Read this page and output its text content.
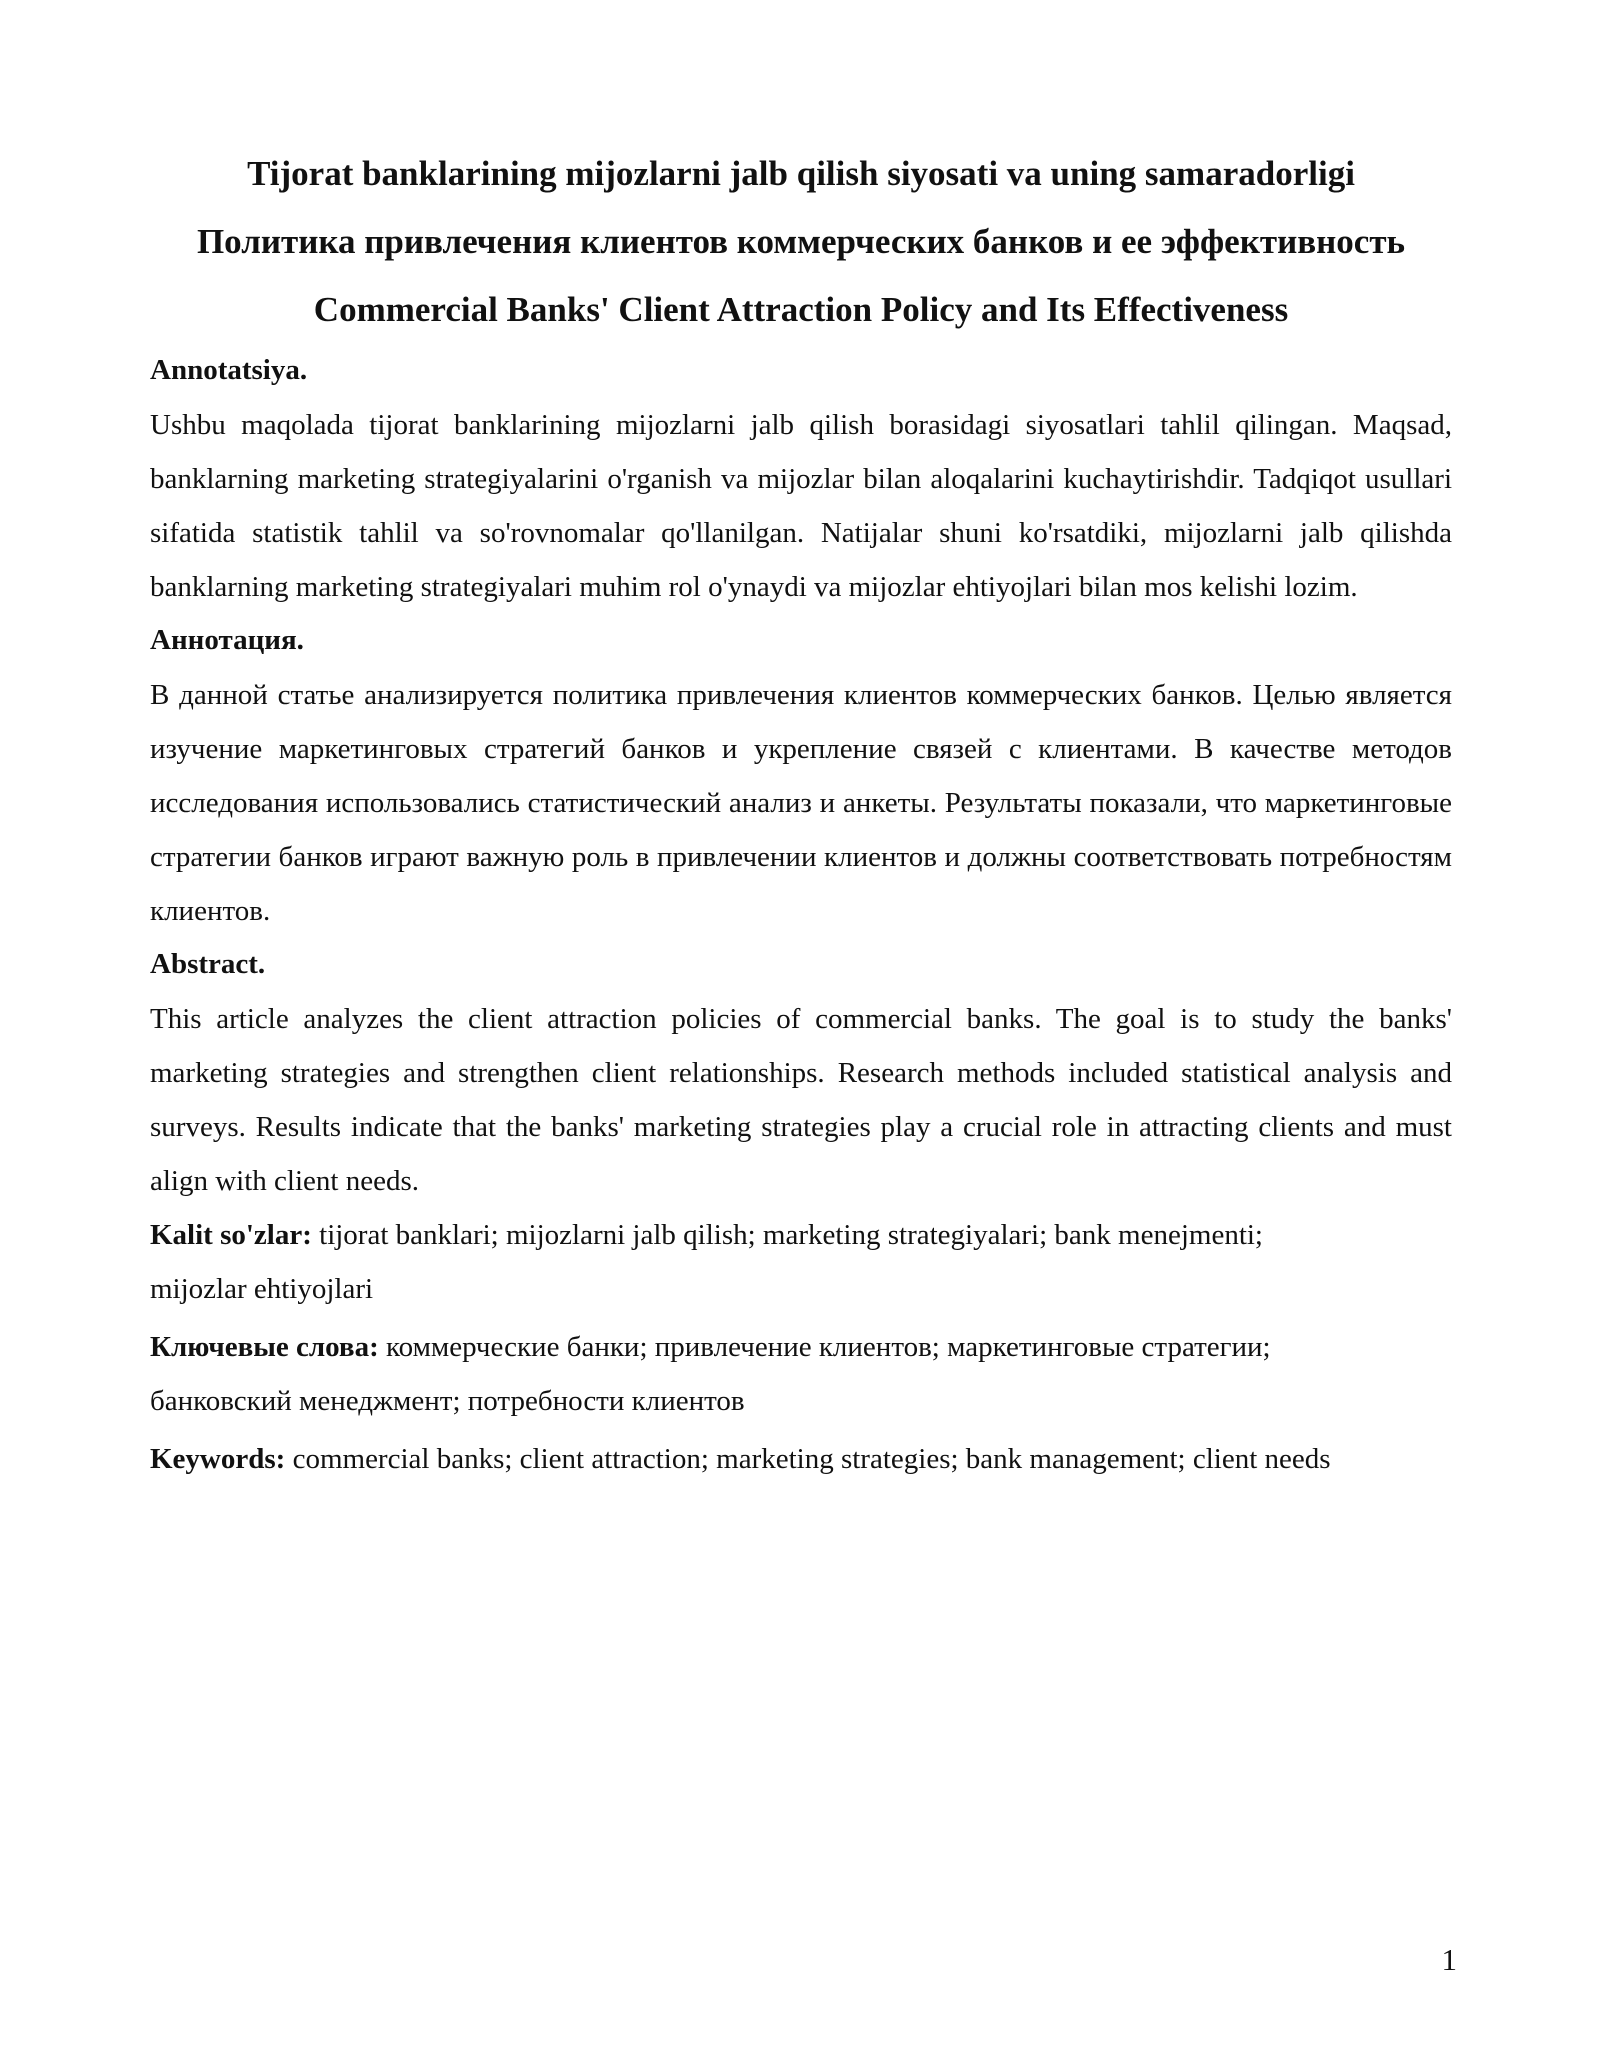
Tijorat banklarining mijozlarni jalb qilish siyosati va uning samaradorligi

Политика привлечения клиентов коммерческих банков и ее эффективность

Commercial Banks' Client Attraction Policy and Its Effectiveness

Annotatsiya.

Ushbu maqolada tijorat banklarining mijozlarni jalb qilish borasidagi siyosatlari tahlil qilingan. Maqsad, banklarning marketing strategiyalarini o'rganish va mijozlar bilan aloqalarini kuchaytirishdir. Tadqiqot usullari sifatida statistik tahlil va so'rovnomalar qo'llanilgan. Natijalar shuni ko'rsatdiki, mijozlarni jalb qilishda banklarning marketing strategiyalari muhim rol o'ynaydi va mijozlar ehtiyojlari bilan mos kelishi lozim.

Аннотация.

В данной статье анализируется политика привлечения клиентов коммерческих банков. Целью является изучение маркетинговых стратегий банков и укрепление связей с клиентами. В качестве методов исследования использовались статистический анализ и анкеты. Результаты показали, что маркетинговые стратегии банков играют важную роль в привлечении клиентов и должны соответствовать потребностям клиентов.

Abstract.

This article analyzes the client attraction policies of commercial banks. The goal is to study the banks' marketing strategies and strengthen client relationships. Research methods included statistical analysis and surveys. Results indicate that the banks' marketing strategies play a crucial role in attracting clients and must align with client needs.

Kalit so'zlar: tijorat banklari; mijozlarni jalb qilish; marketing strategiyalari; bank menejmenti;
mijozlar ehtiyojlari

Ключевые слова: коммерческие банки; привлечение клиентов; маркетинговые стратегии;
банковский менеджмент; потребности клиентов

Keywords: commercial banks; client attraction; marketing strategies; bank management; client needs

1
